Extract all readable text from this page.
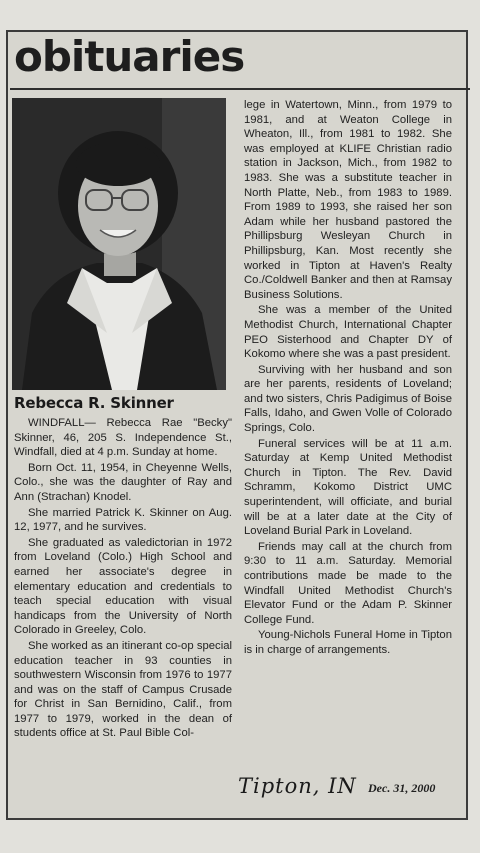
obituaries
Rebecca R. Skinner

WINDFALL— Rebecca Rae "Becky" Skinner, 46, 205 S. Independence St., Windfall, died at 4 p.m. Sunday at home.

Born Oct. 11, 1954, in Cheyenne Wells, Colo., she was the daughter of Ray and Ann (Strachan) Knodel.

She married Patrick K. Skinner on Aug. 12, 1977, and he survives.

She graduated as valedictorian in 1972 from Loveland (Colo.) High School and earned her associate's degree in elementary education and credentials to teach special education with visual handicaps from the University of North Colorado in Greeley, Colo.

She worked as an itinerant co-op special education teacher in 93 counties in southwestern Wisconsin from 1976 to 1977 and was on the staff of Campus Crusade for Christ in San Bernidino, Calif., from 1977 to 1979, worked in the dean of students office at St. Paul Bible Col-

lege in Watertown, Minn., from 1979 to 1981, and at Weaton College in Wheaton, Ill., from 1981 to 1982. She was employed at KLIFE Christian radio station in Jackson, Mich., from 1982 to 1983. She was a substitute teacher in North Platte, Neb., from 1983 to 1989. From 1989 to 1993, she raised her son Adam while her husband pastored the Phillipsburg Wesleyan Church in Phillipsburg, Kan. Most recently she worked in Tipton at Haven's Realty Co./Coldwell Banker and then at Ramsay Business Solutions.

She was a member of the United Methodist Church, International Chapter PEO Sisterhood and Chapter DY of Kokomo where she was a past president.

Surviving with her husband and son are her parents, residents of Loveland; and two sisters, Chris Padigimus of Boise Falls, Idaho, and Gwen Volle of Colorado Springs, Colo.

Funeral services will be at 11 a.m. Saturday at Kemp United Methodist Church in Tipton. The Rev. David Schramm, Kokomo District UMC superintendent, will officiate, and burial will be at a later date at the City of Loveland Burial Park in Loveland.

Friends may call at the church from 9:30 to 11 a.m. Saturday. Memorial contributions made be made to the Windfall United Methodist Church's Elevator Fund or the Adam P. Skinner College Fund.

Young-Nichols Funeral Home in Tipton is in charge of arrangements.

Tipton, IN Dec. 31, 2000
